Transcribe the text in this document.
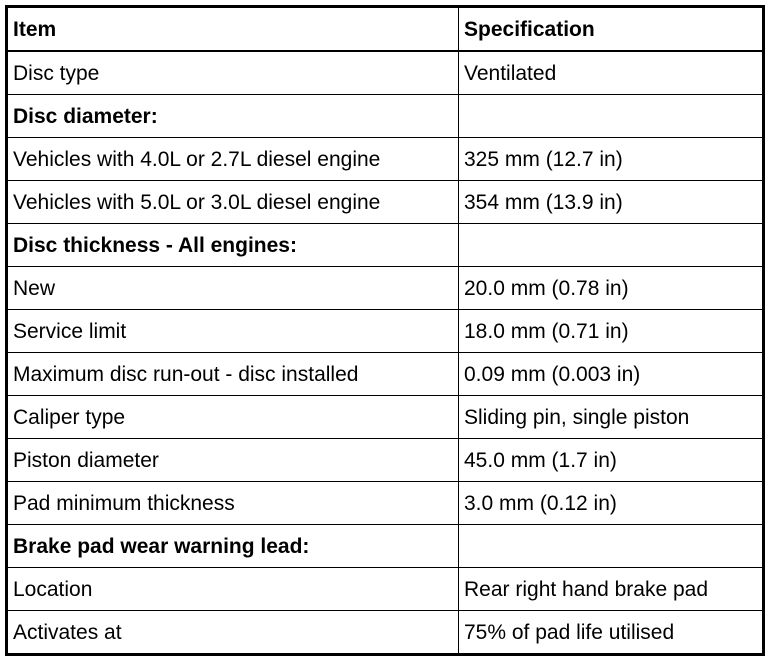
Item	Specification
Disc type	Ventilated
Disc diameter:	
Vehicles with 4.0L or 2.7L diesel engine	325 mm (12.7 in)
Vehicles with 5.0L or 3.0L diesel engine	354 mm (13.9 in)
Disc thickness - All engines:	
New	20.0 mm (0.78 in)
Service limit	18.0 mm (0.71 in)
Maximum disc run-out - disc installed	0.09 mm (0.003 in)
Caliper type	Sliding pin, single piston
Piston diameter	45.0 mm (1.7 in)
Pad minimum thickness	3.0 mm (0.12 in)
Brake pad wear warning lead:	
Location	Rear right hand brake pad
Activates at	75% of pad life utilised
